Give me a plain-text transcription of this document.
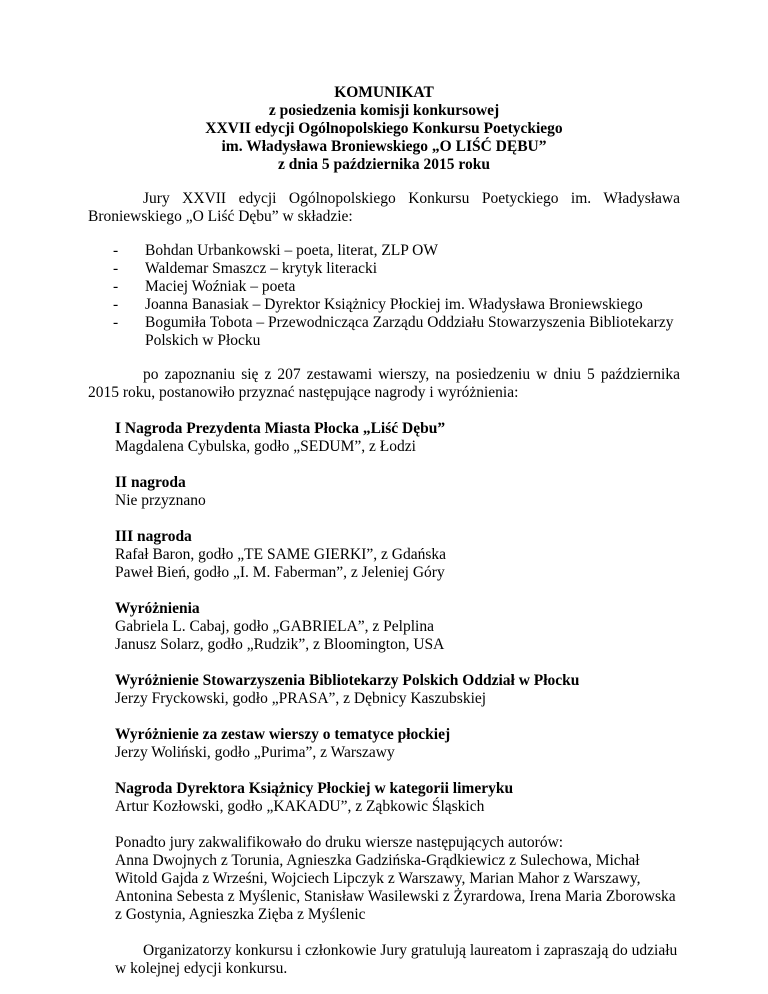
KOMUNIKAT
z posiedzenia komisji konkursowej
XXVII edycji Ogólnopolskiego Konkursu Poetyckiego
im. Władysława Broniewskiego „O LIŚĆ DĘBU”
z dnia 5 października 2015 roku
Jury XXVII edycji Ogólnopolskiego Konkursu Poetyckiego im. Władysława
Broniewskiego „O Liść Dębu” w składzie:
- Bohdan Urbankowski – poeta, literat, ZLP OW
- Waldemar Smaszcz – krytyk literacki
- Maciej Woźniak – poeta
- Joanna Banasiak – Dyrektor Książnicy Płockiej im. Władysława Broniewskiego
- Bogumiła Tobota – Przewodnicząca Zarządu Oddziału Stowarzyszenia Bibliotekarzy Polskich w Płocku
po zapoznaniu się z 207 zestawami wierszy, na posiedzeniu w dniu 5 października 2015 roku, postanowiło przyznać następujące nagrody i wyróżnienia:
I Nagroda Prezydenta Miasta Płocka „Liść Dębu”
Magdalena Cybulska, godło „SEDUM”, z Łodzi
II nagroda
Nie przyznano
III nagroda
Rafał Baron, godło „TE SAME GIERKI”, z Gdańska
Paweł Bień, godło „I. M. Faberman”, z Jeleniej Góry
Wyróżnienia
Gabriela L. Cabaj, godło „GABRIELA”, z Pelplina
Janusz Solarz, godło „Rudzik”, z Bloomington, USA
Wyróżnienie Stowarzyszenia Bibliotekarzy Polskich Oddział w Płocku
Jerzy Fryckowski, godło „PRASA”, z Dębnicy Kaszubskiej
Wyróżnienie za zestaw wierszy o tematyce płockiej
Jerzy Woliński, godło „Purima”, z Warszawy
Nagroda Dyrektora Książnicy Płockiej w kategorii limeryku
Artur Kozłowski, godło „KAKADU”, z Ząbkowic Śląskich
Ponadto jury zakwalifikowało do druku wiersze następujących autorów:
Anna Dwojnych z Torunia, Agnieszka Gadzińska-Grądkiewicz z Sulechowa, Michał
Witold Gajda z Wrześni, Wojciech Lipczyk z Warszawy, Marian Mahor z Warszawy,
Antonina Sebesta z Myślenic, Stanisław Wasilewski z Żyrardowa, Irena Maria Zborowska
z Gostynia, Agnieszka Zięba z Myślenic
Organizatorzy konkursu i członkowie Jury gratulują laureatom i zapraszają do udziału w kolejnej edycji konkursu.
